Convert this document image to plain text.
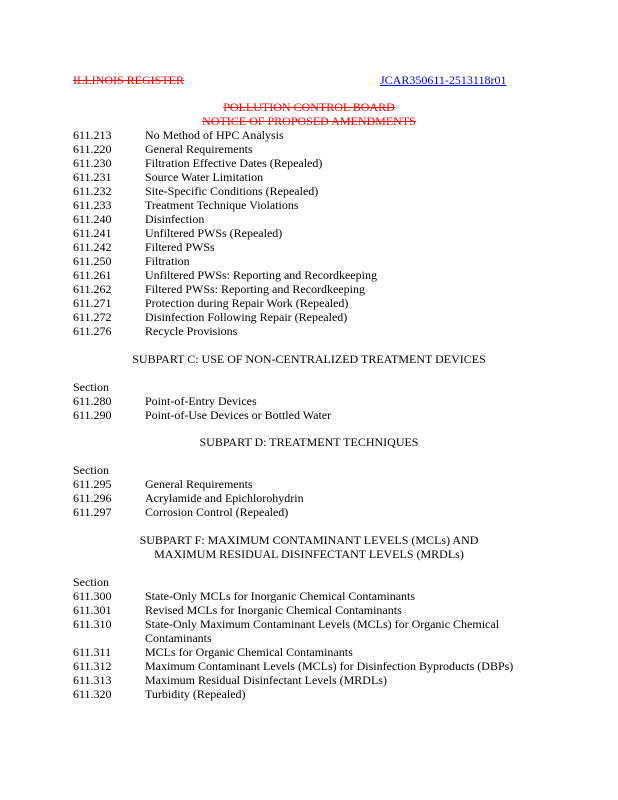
ILLINOIS REGISTER	JCAR350611-2513118r01
POLLUTION CONTROL BOARD
NOTICE OF PROPOSED AMENDMENTS
611.213	No Method of HPC Analysis
611.220	General Requirements
611.230	Filtration Effective Dates (Repealed)
611.231	Source Water Limitation
611.232	Site-Specific Conditions (Repealed)
611.233	Treatment Technique Violations
611.240	Disinfection
611.241	Unfiltered PWSs (Repealed)
611.242	Filtered PWSs
611.250	Filtration
611.261	Unfiltered PWSs: Reporting and Recordkeeping
611.262	Filtered PWSs: Reporting and Recordkeeping
611.271	Protection during Repair Work (Repealed)
611.272	Disinfection Following Repair (Repealed)
611.276	Recycle Provisions
SUBPART C: USE OF NON-CENTRALIZED TREATMENT DEVICES
Section
611.280	Point-of-Entry Devices
611.290	Point-of-Use Devices or Bottled Water
SUBPART D: TREATMENT TECHNIQUES
Section
611.295	General Requirements
611.296	Acrylamide and Epichlorohydrin
611.297	Corrosion Control (Repealed)
SUBPART F: MAXIMUM CONTAMINANT LEVELS (MCLs) AND
MAXIMUM RESIDUAL DISINFECTANT LEVELS (MRDLs)
Section
611.300	State-Only MCLs for Inorganic Chemical Contaminants
611.301	Revised MCLs for Inorganic Chemical Contaminants
611.310	State-Only Maximum Contaminant Levels (MCLs) for Organic Chemical
Contaminants
611.311	MCLs for Organic Chemical Contaminants
611.312	Maximum Contaminant Levels (MCLs) for Disinfection Byproducts (DBPs)
611.313	Maximum Residual Disinfectant Levels (MRDLs)
611.320	Turbidity (Repealed)
